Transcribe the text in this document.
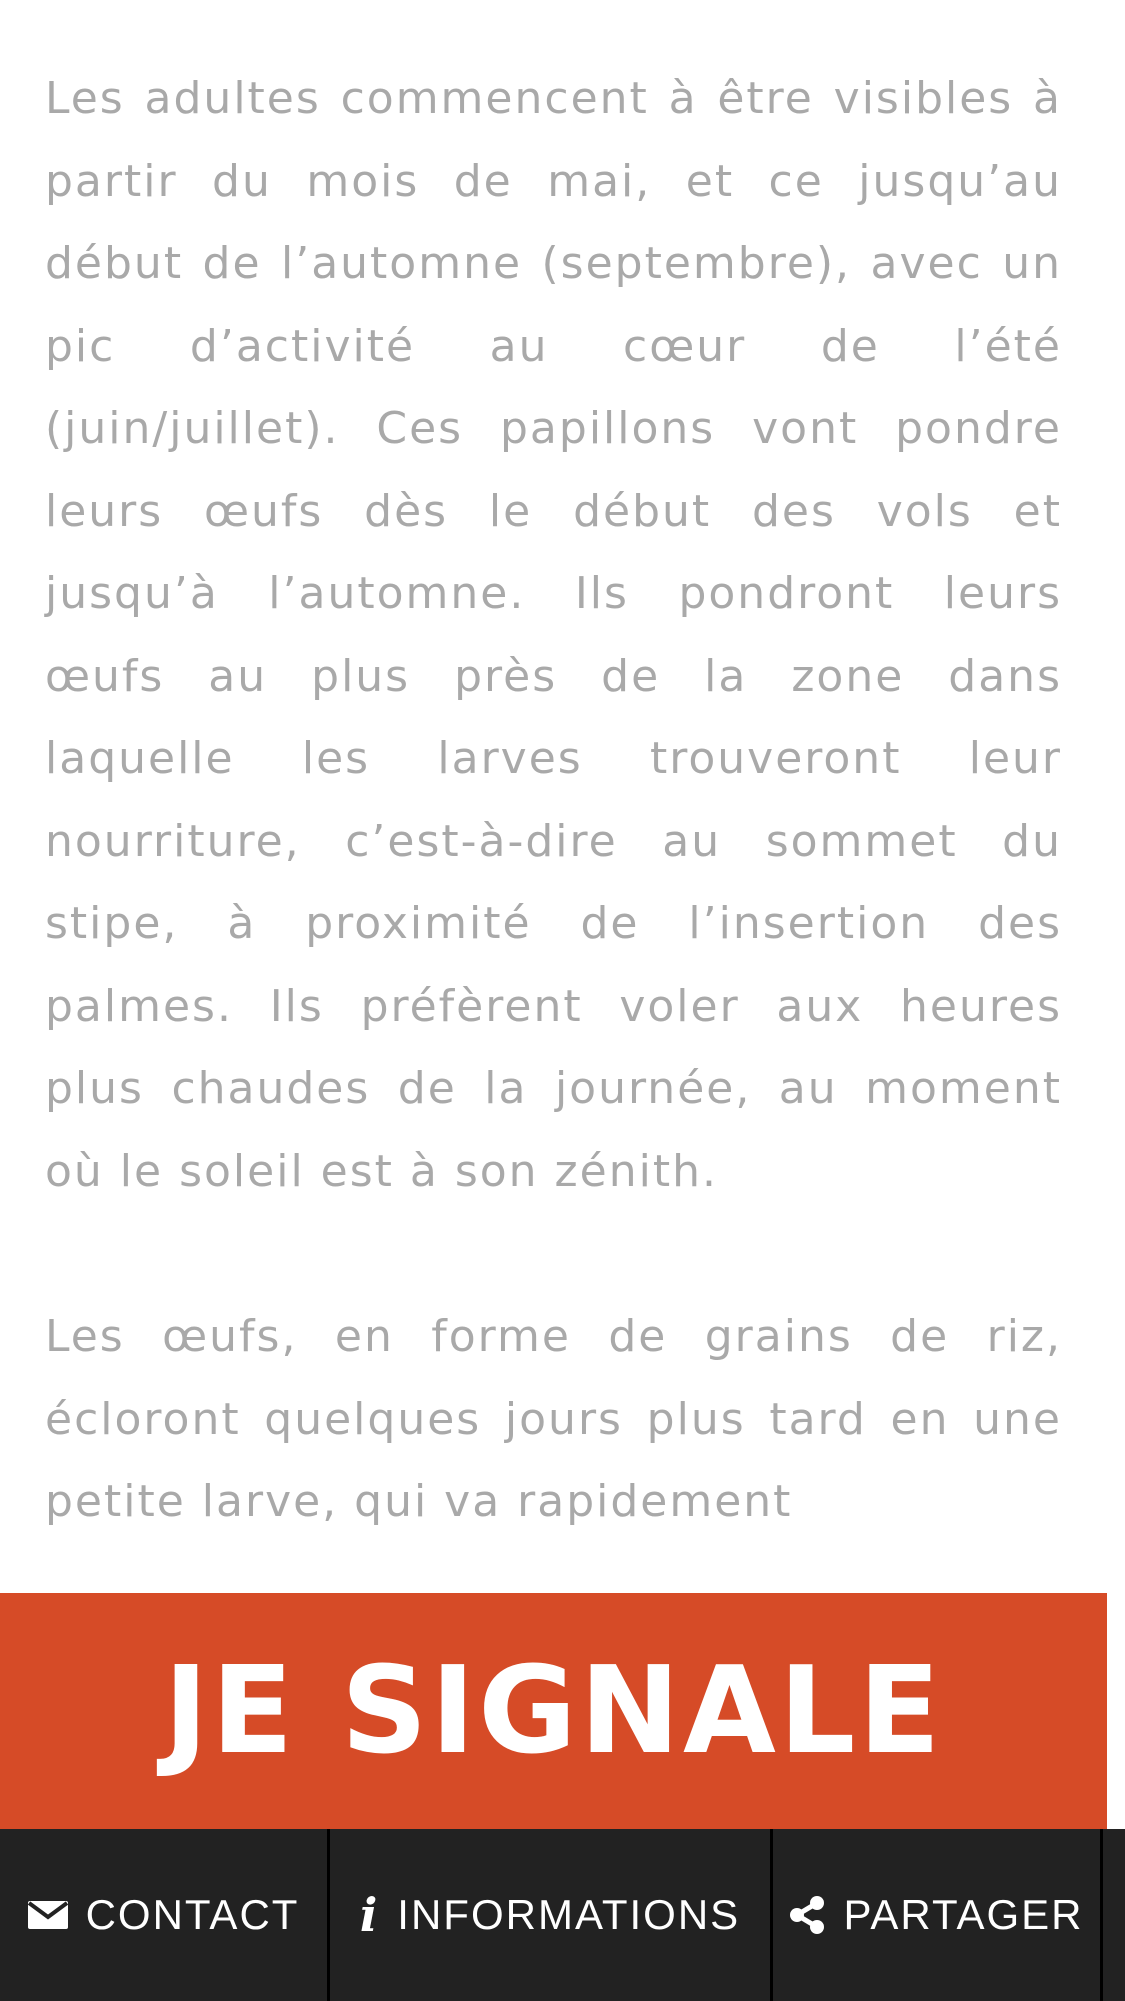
Les adultes commencent à être visibles à partir du mois de mai, et ce jusqu’au début de l’automne (septembre), avec un pic d’activité au cœur de l’été (juin/juillet). Ces papillons vont pondre leurs œufs dès le début des vols et jusqu’à l’automne. Ils pondront leurs œufs au plus près de la zone dans laquelle les larves trouveront leur nourriture, c’est-à-dire au sommet du stipe, à proximité de l’insertion des palmes. Ils préfèrent voler aux heures plus chaudes de la journée, au moment où le soleil est à son zénith.

Les œufs, en forme de grains de riz, écloront quelques jours plus tard en une petite larve, qui va rapidement

JE SIGNALE
CONTACT i INFORMATIONS PARTAGER
